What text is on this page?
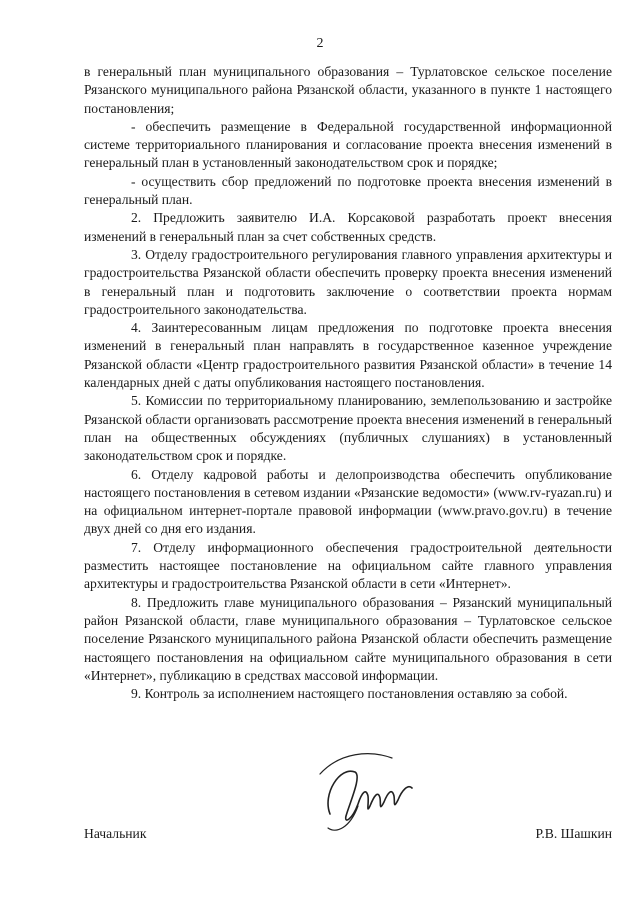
2

в генеральный план муниципального образования – Турлатовское сельское поселение Рязанского муниципального района Рязанской области, указанного в пункте 1 настоящего постановления;

- обеспечить размещение в Федеральной государственной информационной системе территориального планирования и согласование проекта внесения изменений в генеральный план в установленный законодательством срок и порядке;

- осуществить сбор предложений по подготовке проекта внесения изменений в генеральный план.

2. Предложить заявителю И.А. Корсаковой разработать проект внесения изменений в генеральный план за счет собственных средств.

3. Отделу градостроительного регулирования главного управления архитектуры и градостроительства Рязанской области обеспечить проверку проекта внесения изменений в генеральный план и подготовить заключение о соответствии проекта нормам градостроительного законодательства.

4. Заинтересованным лицам предложения по подготовке проекта внесения изменений в генеральный план направлять в государственное казенное учреждение Рязанской области «Центр градостроительного развития Рязанской области» в течение 14 календарных дней с даты опубликования настоящего постановления.

5. Комиссии по территориальному планированию, землепользованию и застройке Рязанской области организовать рассмотрение проекта внесения изменений в генеральный план на общественных обсуждениях (публичных слушаниях) в установленный законодательством срок и порядке.

6. Отделу кадровой работы и делопроизводства обеспечить опубликование настоящего постановления в сетевом издании «Рязанские ведомости» (www.rv-ryazan.ru) и на официальном интернет-портале правовой информации (www.pravo.gov.ru) в течение двух дней со дня его издания.

7. Отделу информационного обеспечения градостроительной деятельности разместить настоящее постановление на официальном сайте главного управления архитектуры и градостроительства Рязанской области в сети «Интернет».

8. Предложить главе муниципального образования – Рязанский муниципальный район Рязанской области, главе муниципального образования – Турлатовское сельское поселение Рязанского муниципального района Рязанской области обеспечить размещение настоящего постановления на официальном сайте муниципального образования в сети «Интернет», публикацию в средствах массовой информации.

9. Контроль за исполнением настоящего постановления оставляю за собой.

Начальник	Р.В. Шашкин
